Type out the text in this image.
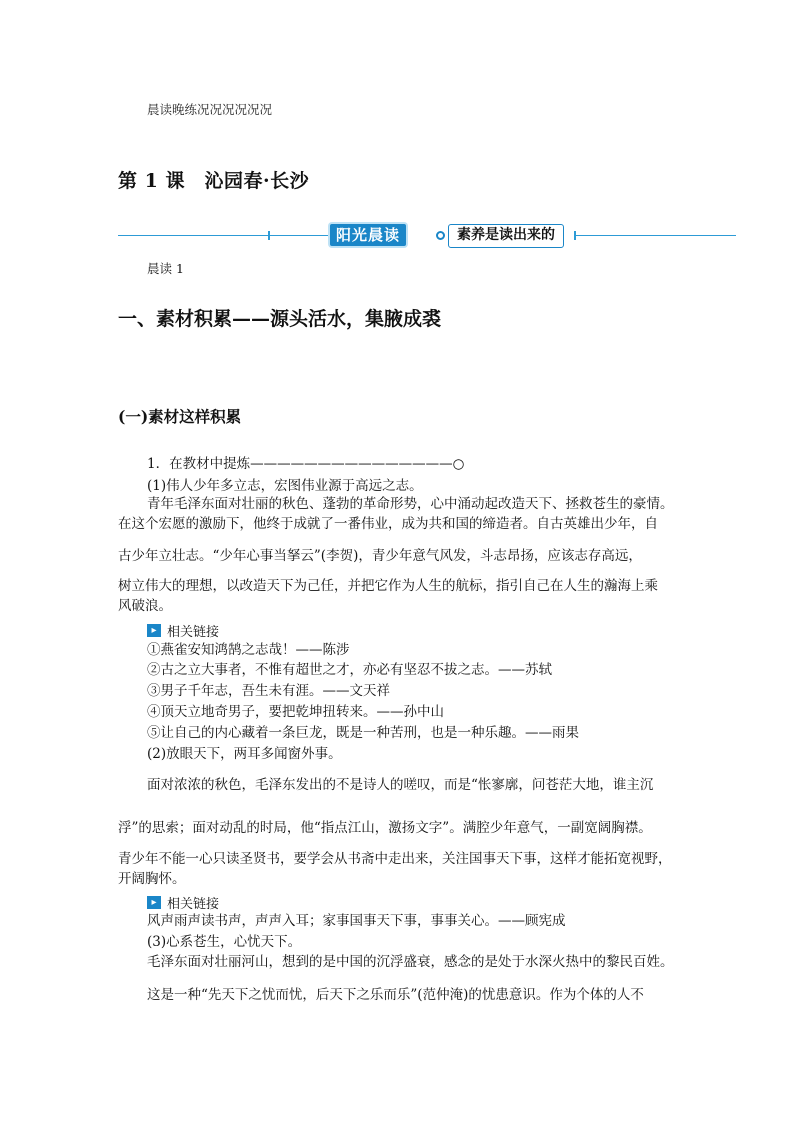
晨读晚练况况况况况况
第 1 课　沁园春·长沙
阳光晨读	素养是读出来的
晨读 1
一、素材积累——源头活水，集腋成裘
(一)素材这样积累
1．在教材中提炼———————————————○
(1)伟人少年多立志，宏图伟业源于高远之志。
青年毛泽东面对壮丽的秋色、蓬勃的革命形势，心中涌动起改造天下、拯救苍生的豪情。
在这个宏愿的激励下，他终于成就了一番伟业，成为共和国的缔造者。自古英雄出少年，自
古少年立壮志。“少年心事当拏云”(李贺)，青少年意气风发，斗志昂扬，应该志存高远，
树立伟大的理想，以改造天下为己任，并把它作为人生的航标，指引自己在人生的瀚海上乘
风破浪。
▸ 相关链接
①燕雀安知鸿鹄之志哉！——陈涉
②古之立大事者，不惟有超世之才，亦必有坚忍不拔之志。——苏轼
③男子千年志，吾生未有涯。——文天祥
④顶天立地奇男子，要把乾坤扭转来。——孙中山
⑤让自己的内心藏着一条巨龙，既是一种苦刑，也是一种乐趣。——雨果
(2)放眼天下，两耳多闻窗外事。
面对浓浓的秋色，毛泽东发出的不是诗人的嗟叹，而是“怅寥廓，问苍茫大地，谁主沉
浮”的思索；面对动乱的时局，他“指点江山，激扬文字”。满腔少年意气，一副宽阔胸襟。
青少年不能一心只读圣贤书，要学会从书斋中走出来，关注国事天下事，这样才能拓宽视野，
开阔胸怀。
▸ 相关链接
风声雨声读书声，声声入耳；家事国事天下事，事事关心。——顾宪成
(3)心系苍生，心忧天下。
毛泽东面对壮丽河山，想到的是中国的沉浮盛衰，感念的是处于水深火热中的黎民百姓。
这是一种“先天下之忧而忧，后天下之乐而乐”(范仲淹)的忧患意识。作为个体的人不
